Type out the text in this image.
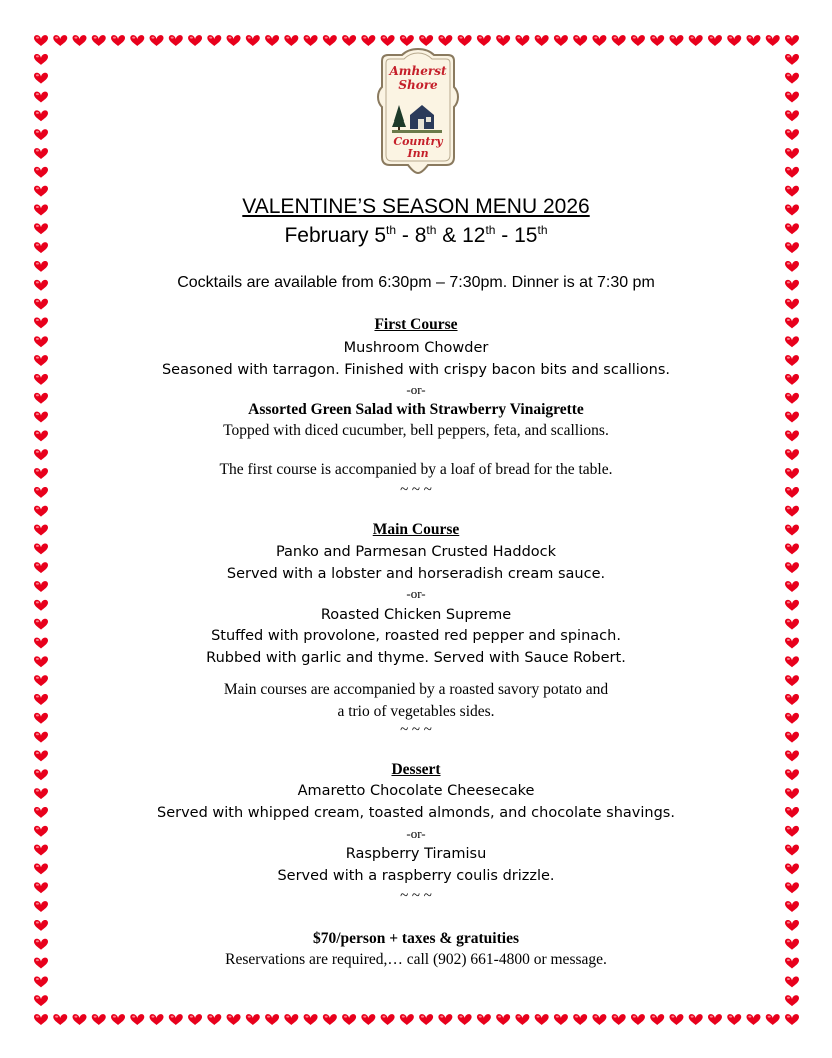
Amherst
Shore
Country
Inn
VALENTINE’S SEASON MENU 2026
February 5th - 8th & 12th - 15th
Cocktails are available from 6:30pm – 7:30pm. Dinner is at 7:30 pm
First Course
Mushroom Chowder
Seasoned with tarragon. Finished with crispy bacon bits and scallions.
-or-
Assorted Green Salad with Strawberry Vinaigrette
Topped with diced cucumber, bell peppers, feta, and scallions.
The first course is accompanied by a loaf of bread for the table.
~ ~ ~
Main Course
Panko and Parmesan Crusted Haddock
Served with a lobster and horseradish cream sauce.
-or-
Roasted Chicken Supreme
Stuffed with provolone, roasted red pepper and spinach.
Rubbed with garlic and thyme. Served with Sauce Robert.
Main courses are accompanied by a roasted savory potato and
a trio of vegetables sides.
~ ~ ~
Dessert
Amaretto Chocolate Cheesecake
Served with whipped cream, toasted almonds, and chocolate shavings.
-or-
Raspberry Tiramisu
Served with a raspberry coulis drizzle.
~ ~ ~
$70/person + taxes & gratuities
Reservations are required,… call (902) 661-4800 or message.
